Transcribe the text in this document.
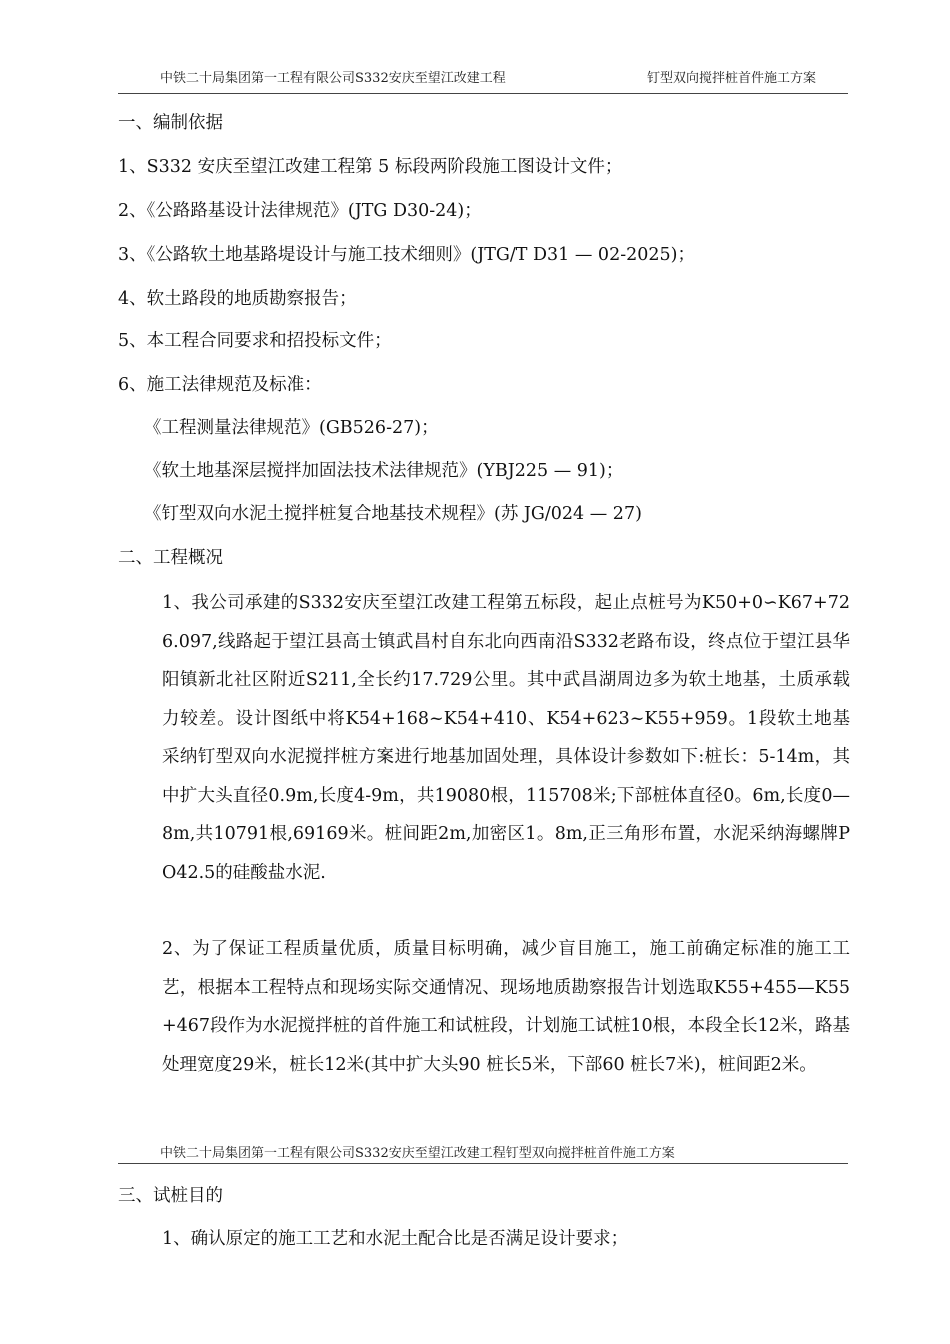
中铁二十局集团第一工程有限公司S332安庆至望江改建工程	钉型双向搅拌桩首件施工方案
一、编制依据
1、S332 安庆至望江改建工程第 5 标段两阶段施工图设计文件；
2、《公路路基设计法律规范》(JTG D30-24)；
3、《公路软土地基路堤设计与施工技术细则》(JTG/T D31 — 02-2025)；
4、软土路段的地质勘察报告；
5、本工程合同要求和招投标文件；
6、施工法律规范及标准：
《工程测量法律规范》(GB526-27)；
《软土地基深层搅拌加固法技术法律规范》(YBJ225 — 91)；
《钉型双向水泥土搅拌桩复合地基技术规程》(苏 JG/024 — 27)
二、工程概况
1、我公司承建的S332安庆至望江改建工程第五标段，起止点桩号为K50+0∽K67+726.097,线路起于望江县高士镇武昌村自东北向西南沿S332老路布设，终点位于望江县华阳镇新北社区附近S211,全长约17.729公里。其中武昌湖周边多为软土地基，土质承载力较差。设计图纸中将K54+168~K54+410、K54+623~K55+959。1段软土地基采纳钉型双向水泥搅拌桩方案进行地基加固处理，具体设计参数如下:桩长：5-14m，其中扩大头直径0.9m,长度4-9m，共19080根，115708米;下部桩体直径0。6m,长度0—8m,共10791根,69169米。桩间距2m,加密区1。8m,正三角形布置，水泥采纳海螺牌PO42.5的硅酸盐水泥.
2、为了保证工程质量优质，质量目标明确，减少盲目施工，施工前确定标准的施工工艺，根据本工程特点和现场实际交通情况、现场地质勘察报告计划选取K55+455—K55+467段作为水泥搅拌桩的首件施工和试桩段，计划施工试桩10根，本段全长12米，路基处理宽度29米，桩长12米(其中扩大头90 桩长5米，下部60 桩长7米)，桩间距2米。
中铁二十局集团第一工程有限公司S332安庆至望江改建工程钉型双向搅拌桩首件施工方案
三、试桩目的
1、确认原定的施工工艺和水泥土配合比是否满足设计要求；
